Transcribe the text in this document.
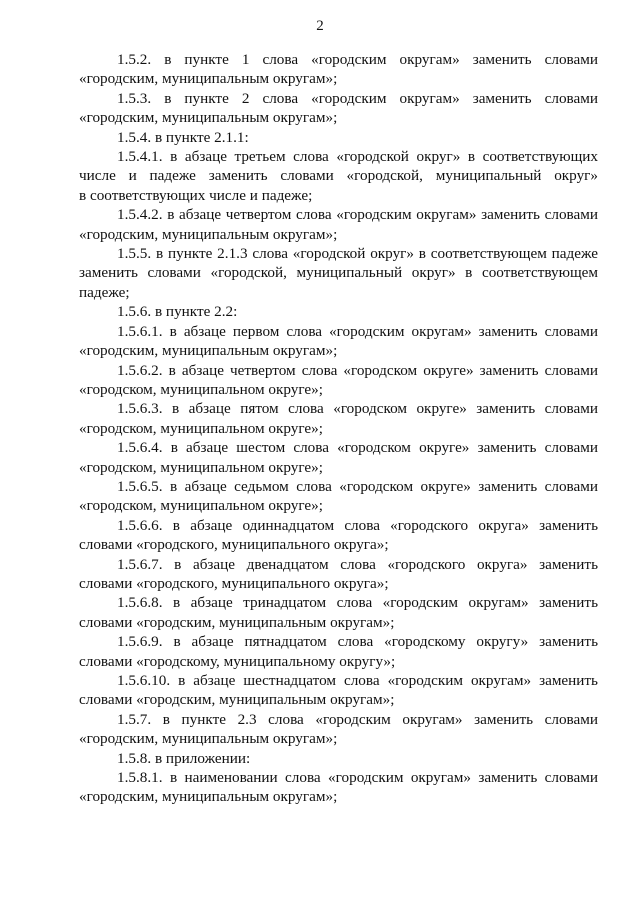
2
1.5.2. в пункте 1 слова «городским округам» заменить словами
«городским, муниципальным округам»;
1.5.3. в пункте 2 слова «городским округам» заменить словами
«городским, муниципальным округам»;
1.5.4. в пункте 2.1.1:
1.5.4.1. в абзаце третьем слова «городской округ» в соответствующих
числе и падеже заменить словами «городской, муниципальный округ»
в соответствующих числе и падеже;
1.5.4.2. в абзаце четвертом слова «городским округам» заменить словами
«городским, муниципальным округам»;
1.5.5. в пункте 2.1.3 слова «городской округ» в соответствующем падеже
заменить словами «городской, муниципальный округ» в соответствующем
падеже;
1.5.6. в пункте 2.2:
1.5.6.1. в абзаце первом слова «городским округам» заменить словами
«городским, муниципальным округам»;
1.5.6.2. в абзаце четвертом слова «городском округе» заменить словами
«городском, муниципальном округе»;
1.5.6.3. в абзаце пятом слова «городском округе» заменить словами
«городском, муниципальном округе»;
1.5.6.4. в абзаце шестом слова «городском округе» заменить словами
«городском, муниципальном округе»;
1.5.6.5. в абзаце седьмом слова «городском округе» заменить словами
«городском, муниципальном округе»;
1.5.6.6. в абзаце одиннадцатом слова «городского округа» заменить
словами «городского, муниципального округа»;
1.5.6.7. в абзаце двенадцатом слова «городского округа» заменить
словами «городского, муниципального округа»;
1.5.6.8. в абзаце тринадцатом слова «городским округам» заменить
словами «городским, муниципальным округам»;
1.5.6.9. в абзаце пятнадцатом слова «городскому округу» заменить
словами «городскому, муниципальному округу»;
1.5.6.10. в абзаце шестнадцатом слова «городским округам» заменить
словами «городским, муниципальным округам»;
1.5.7. в пункте 2.3 слова «городским округам» заменить словами
«городским, муниципальным округам»;
1.5.8. в приложении:
1.5.8.1. в наименовании слова «городским округам» заменить словами
«городским, муниципальным округам»;
